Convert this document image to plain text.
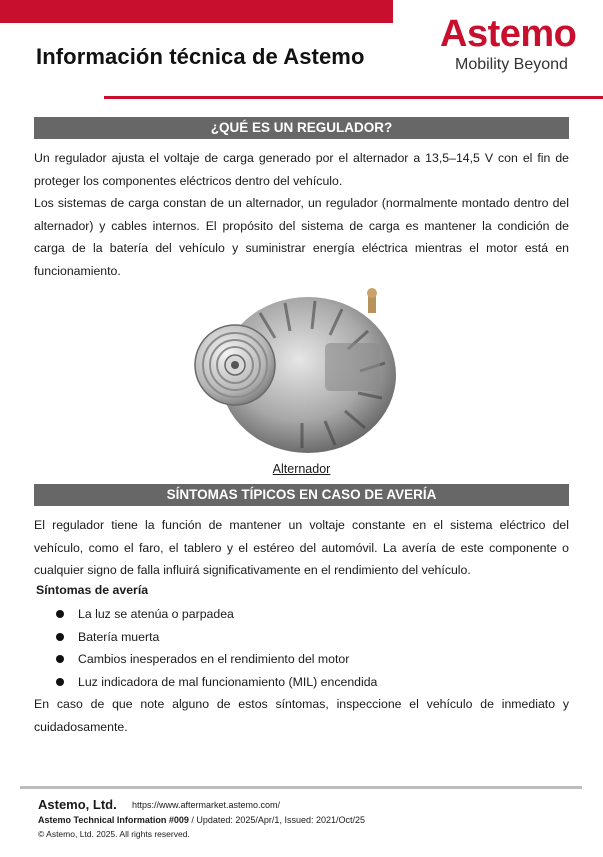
Información técnica de Astemo
Astemo
Mobility Beyond
¿QUÉ ES UN REGULADOR?

Un regulador ajusta el voltaje de carga generado por el alternador a 13,5–14,5 V con el fin de proteger los componentes eléctricos dentro del vehículo.

Los sistemas de carga constan de un alternador, un regulador (normalmente montado dentro del alternador) y cables internos. El propósito del sistema de carga es mantener la condición de carga de la batería del vehículo y suministrar energía eléctrica mientras el motor está en funcionamiento.

Alternador
SÍNTOMAS TÍPICOS EN CASO DE AVERÍA

El regulador tiene la función de mantener un voltaje constante en el sistema eléctrico del vehículo, como el faro, el tablero y el estéreo del automóvil. La avería de este componente o cualquier signo de falla influirá significativamente en el rendimiento del vehículo.

Síntomas de avería
La luz se atenúa o parpadea
Batería muerta
Cambios inesperados en el rendimiento del motor
Luz indicadora de mal funcionamiento (MIL) encendida

En caso de que note alguno de estos síntomas, inspeccione el vehículo de inmediato y cuidadosamente.

Astemo, Ltd. https://www.aftermarket.astemo.com/
Astemo Technical Information #009 / Updated: 2025/Apr/1, Issued: 2021/Oct/25
© Astemo, Ltd. 2025. All rights reserved.
